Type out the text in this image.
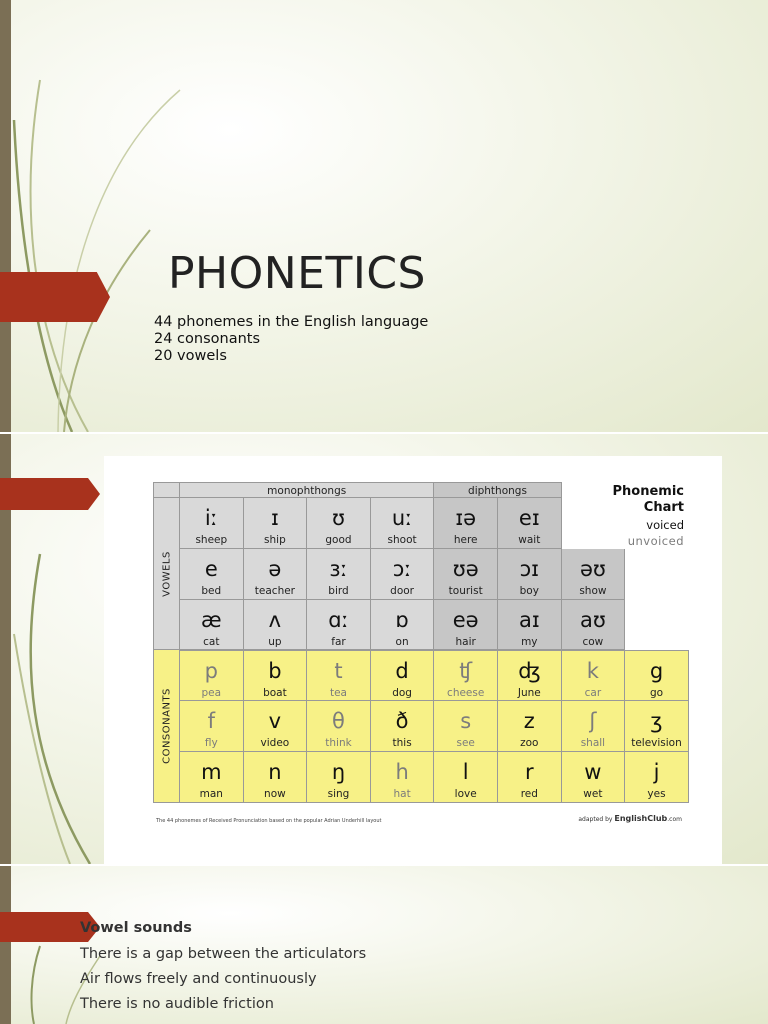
PHONETICS
44 phonemes in the English language
24 consonants
20 vowels
monophthongs	diphthongs
VOWELS
CONSONANTS
iː
sheep
ɪ
ship
ʊ
good
uː
shoot
ɪə
here
eɪ
wait
e
bed
ə
teacher
ɜː
bird
ɔː
door
ʊə
tourist
ɔɪ
boy
əʊ
show
æ
cat
ʌ
up
ɑː
far
ɒ
on
eə
hair
aɪ
my
aʊ
cow
p
pea
b
boat
t
tea
d
dog
ʧ
cheese
ʤ
June
k
car
g
go
f
fly
v
video
θ
think
ð
this
s
see
z
zoo
ʃ
shall
ʒ
television
m
man
n
now
ŋ
sing
h
hat
l
love
r
red
w
wet
j
yes
Phonemic
Chart
voiced
unvoiced
The 44 phonemes of Received Pronunciation based on the popular Adrian Underhill layout	adapted by EnglishClub.com
Vowel sounds
There is a gap between the articulators
Air flows freely and continuously
There is no audible friction
